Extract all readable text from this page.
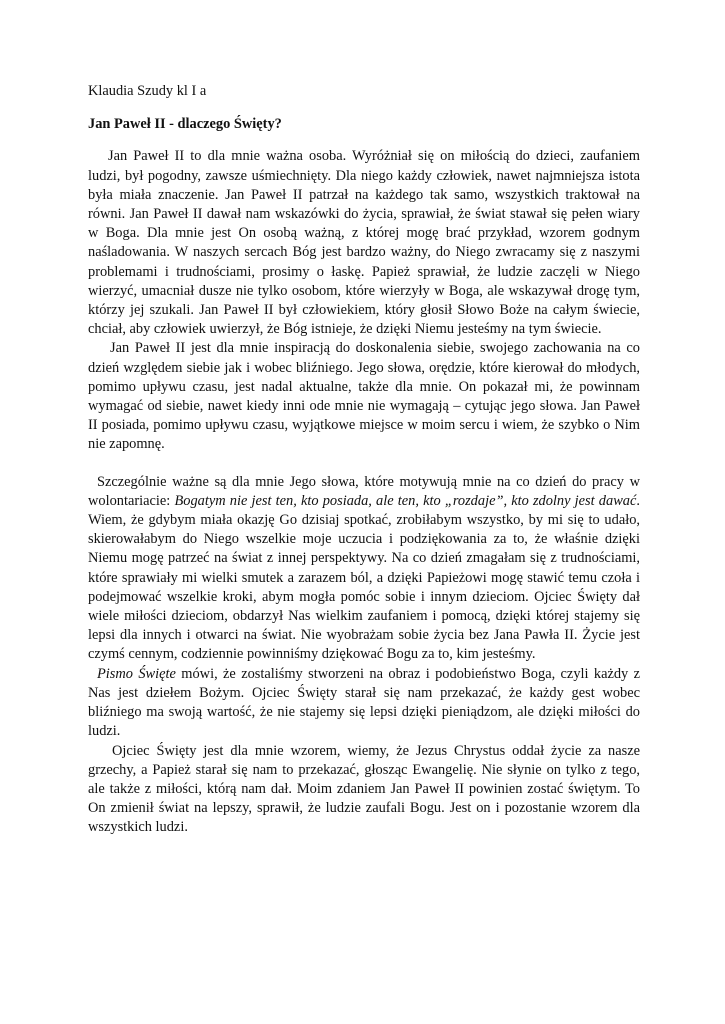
Klaudia Szudy kl I a

Jan Paweł II - dlaczego Święty?

Jan Paweł II to dla mnie ważna osoba. Wyróżniał się on miłością do dzieci, zaufaniem ludzi, był pogodny, zawsze uśmiechnięty. Dla niego każdy człowiek, nawet najmniejsza istota była miała znaczenie. Jan Paweł II patrzał na każdego tak samo, wszystkich traktował na równi. Jan Paweł II dawał nam wskazówki do życia, sprawiał, że świat stawał się pełen wiary w Boga. Dla mnie jest On osobą ważną, z której mogę brać przykład, wzorem godnym naśladowania. W naszych sercach Bóg jest bardzo ważny, do Niego zwracamy się z naszymi problemami i trudnościami, prosimy o łaskę. Papież sprawiał, że ludzie zaczęli w Niego wierzyć, umacniał dusze nie tylko osobom, które wierzyły w Boga, ale wskazywał drogę tym, którzy jej szukali. Jan Paweł II był człowiekiem, który głosił Słowo Boże na całym świecie, chciał, aby człowiek uwierzył, że Bóg istnieje, że dzięki Niemu jesteśmy na tym świecie.

Jan Paweł II jest dla mnie inspiracją do doskonalenia siebie, swojego zachowania na co dzień względem siebie jak i wobec bliźniego. Jego słowa, orędzie, które kierował do młodych, pomimo upływu czasu, jest nadal aktualne, także dla mnie. On pokazał mi, że powinnam wymagać od siebie, nawet kiedy inni ode mnie nie wymagają – cytując jego słowa. Jan Paweł II posiada, pomimo upływu czasu, wyjątkowe miejsce w moim sercu i wiem, że szybko o Nim nie zapomnę.

Szczególnie ważne są dla mnie Jego słowa, które motywują mnie na co dzień do pracy w wolontariacie: Bogatym nie jest ten, kto posiada, ale ten, kto „rozdaje”, kto zdolny jest dawać. Wiem, że gdybym miała okazję Go dzisiaj spotkać, zrobiłabym wszystko, by mi się to udało, skierowałabym do Niego wszelkie moje uczucia i podziękowania za to, że właśnie dzięki Niemu mogę patrzeć na świat z innej perspektywy. Na co dzień zmagałam się z trudnościami, które sprawiały mi wielki smutek a zarazem ból, a dzięki Papieżowi mogę stawić temu czoła i podejmować wszelkie kroki, abym mogła pomóc sobie i innym dzieciom. Ojciec Święty dał wiele miłości dzieciom, obdarzył Nas wielkim zaufaniem i pomocą, dzięki której stajemy się lepsi dla innych i otwarci na świat. Nie wyobrażam sobie życia bez Jana Pawła II. Życie jest czymś cennym, codziennie powinniśmy dziękować Bogu za to, kim jesteśmy.

Pismo Święte mówi, że zostaliśmy stworzeni na obraz i podobieństwo Boga, czyli każdy z Nas jest dziełem Bożym. Ojciec Święty starał się nam przekazać, że każdy gest wobec bliźniego ma swoją wartość, że nie stajemy się lepsi dzięki pieniądzom, ale dzięki miłości do ludzi.

Ojciec Święty jest dla mnie wzorem, wiemy, że Jezus Chrystus oddał życie za nasze grzechy, a Papież starał się nam to przekazać, głosząc Ewangelię. Nie słynie on tylko z tego, ale także z miłości, którą nam dał. Moim zdaniem Jan Paweł II powinien zostać świętym. To On zmienił świat na lepszy, sprawił, że ludzie zaufali Bogu. Jest on i pozostanie wzorem dla wszystkich ludzi.
